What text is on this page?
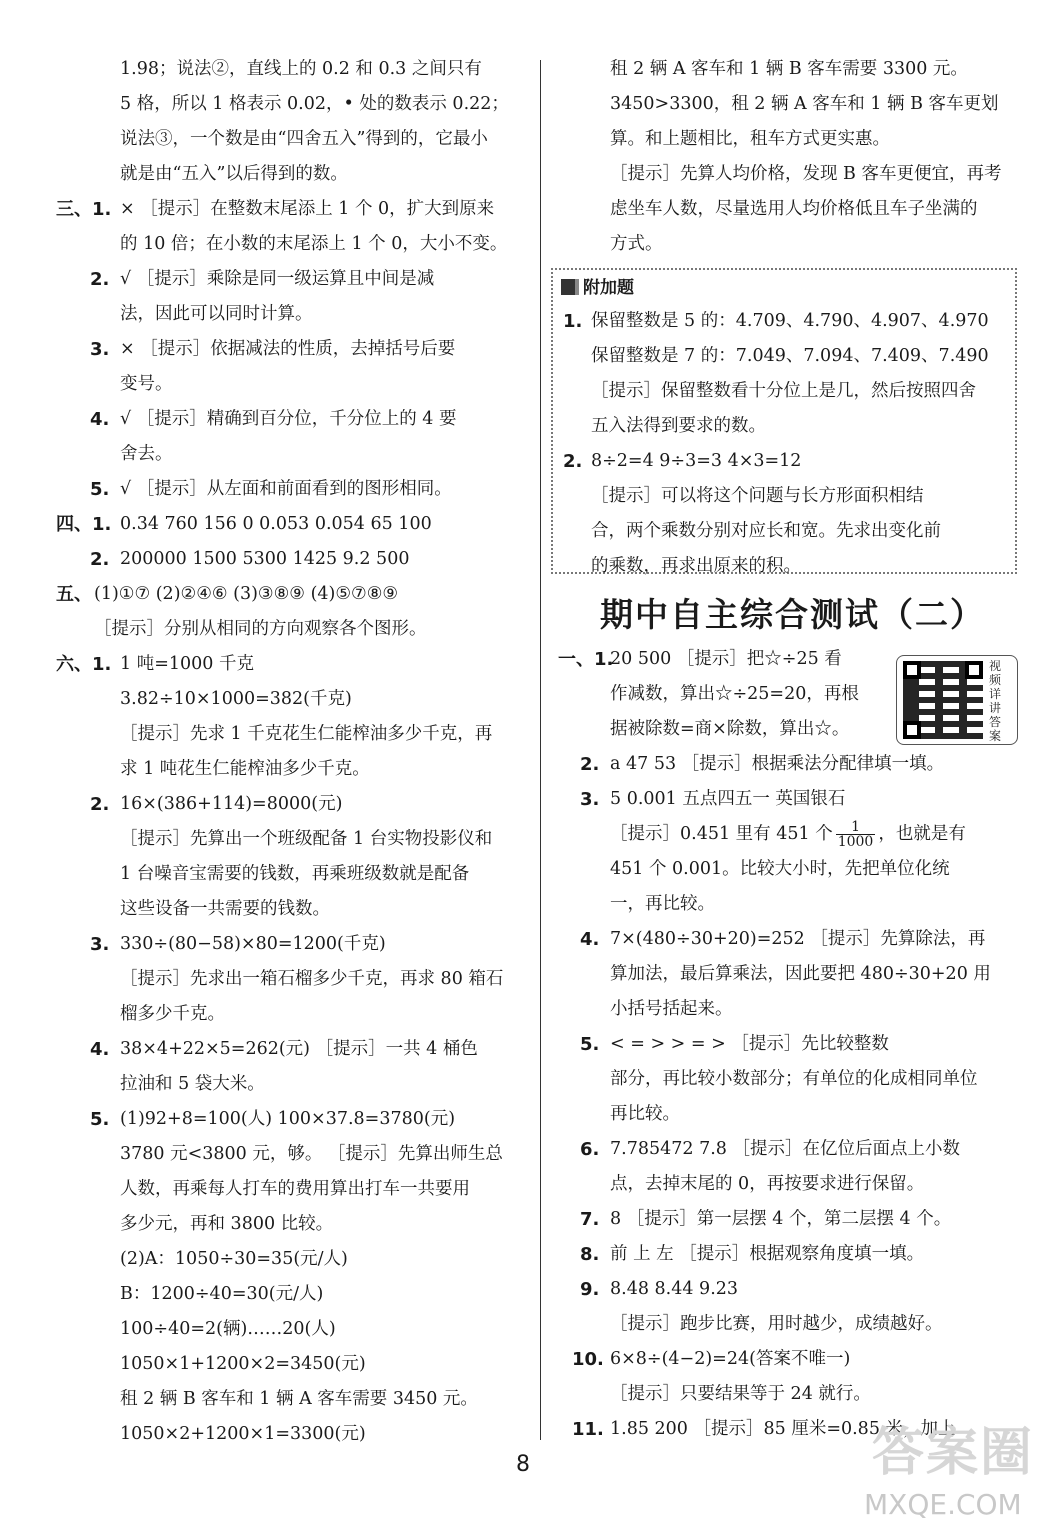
1.98；说法②，直线上的 0.2 和 0.3 之间只有
5 格，所以 1 格表示 0.02，• 处的数表示 0.22；
说法③，一个数是由“四舍五入”得到的，它最小
就是由“五入”以后得到的数。
三、1. × ［提示］在整数末尾添上 1 个 0，扩大到原来
的 10 倍；在小数的末尾添上 1 个 0，大小不变。
2. √ ［提示］乘除是同一级运算且中间是减
法，因此可以同时计算。
3. × ［提示］依据减法的性质，去掉括号后要
变号。
4. √ ［提示］精确到百分位，千分位上的 4 要
舍去。
5. √ ［提示］从左面和前面看到的图形相同。
四、1. 0.34 760 156 0 0.053 0.054 65 100
2. 200000 1500 5300 1425 9.2 500
五、 (1)①⑦ (2)②④⑥ (3)③⑧⑨ (4)⑤⑦⑧⑨
［提示］分别从相同的方向观察各个图形。
六、1. 1 吨=1000 千克
3.82÷10×1000=382(千克)
［提示］先求 1 千克花生仁能榨油多少千克，再
求 1 吨花生仁能榨油多少千克。
2. 16×(386+114)=8000(元)
［提示］先算出一个班级配备 1 台实物投影仪和
1 台噪音宝需要的钱数，再乘班级数就是配备
这些设备一共需要的钱数。
3. 330÷(80−58)×80=1200(千克)
［提示］先求出一箱石榴多少千克，再求 80 箱石
榴多少千克。
4. 38×4+22×5=262(元) ［提示］一共 4 桶色
拉油和 5 袋大米。
5. (1)92+8=100(人) 100×37.8=3780(元)
3780 元<3800 元，够。 ［提示］先算出师生总
人数，再乘每人打车的费用算出打车一共要用
多少元，再和 3800 比较。
(2)A：1050÷30=35(元/人)
B：1200÷40=30(元/人)
100÷40=2(辆)……20(人)
1050×1+1200×2=3450(元)
租 2 辆 B 客车和 1 辆 A 客车需要 3450 元。
1050×2+1200×1=3300(元)
租 2 辆 A 客车和 1 辆 B 客车需要 3300 元。
3450>3300，租 2 辆 A 客车和 1 辆 B 客车更划
算。和上题相比，租车方式更实惠。
［提示］先算人均价格，发现 B 客车更便宜，再考
虑坐车人数，尽量选用人均价格低且车子坐满的
方式。
附加题
1. 保留整数是 5 的：4.709、4.790、4.907、4.970
保留整数是 7 的：7.049、7.094、7.409、7.490
［提示］保留整数看十分位上是几，然后按照四舍
五入法得到要求的数。
2. 8÷2=4 9÷3=3 4×3=12
［提示］可以将这个问题与长方形面积相结
合，两个乘数分别对应长和宽。先求出变化前
的乘数，再求出原来的积。
期中自主综合测试（二）
视频详讲答案
一、1.
20 500 ［提示］把☆÷25 看
作减数，算出☆÷25=20，再根
据被除数=商×除数，算出☆。
2. a 47 53 ［提示］根据乘法分配律填一填。
3. 5 0.001 五点四五一 英国银石
［提示］0.451 里有 451 个 $\frac{1}{1000}$ ，也就是有
451 个 0.001。比较大小时，先把单位化统
一，再比较。
4. 7×(480÷30+20)=252 ［提示］先算除法，再
算加法，最后算乘法，因此要把 480÷30+20 用
小括号括起来。
5. < = > > = > ［提示］先比较整数
部分，再比较小数部分；有单位的化成相同单位
再比较。
6. 7.785472 7.8 ［提示］在亿位后面点上小数
点，去掉末尾的 0，再按要求进行保留。
7. 8 ［提示］第一层摆 4 个，第二层摆 4 个。
8. 前 上 左 ［提示］根据观察角度填一填。
9. 8.48 8.44 9.23
［提示］跑步比赛，用时越少，成绩越好。
10. 6×8÷(4−2)=24(答案不唯一)
［提示］只要结果等于 24 就行。
11. 1.85 200 ［提示］85 厘米=0.85 米，加上
8	答案圈
MXQE.COM
